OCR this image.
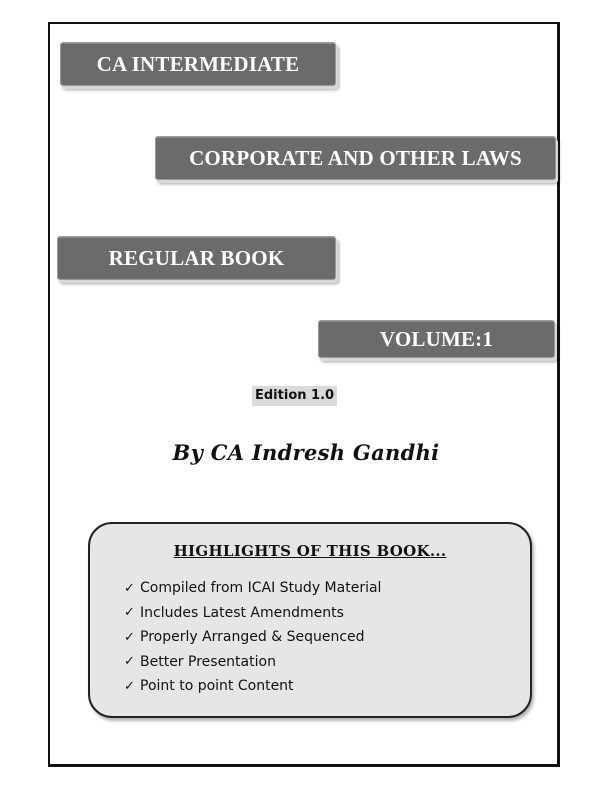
CA INTERMEDIATE
CORPORATE AND OTHER LAWS
REGULAR BOOK
VOLUME:1
Edition 1.0
By CA Indresh Gandhi
HIGHLIGHTS OF THIS BOOK...
✓ Compiled from ICAI Study Material
✓ Includes Latest Amendments
✓ Properly Arranged & Sequenced
✓ Better Presentation
✓ Point to point Content
